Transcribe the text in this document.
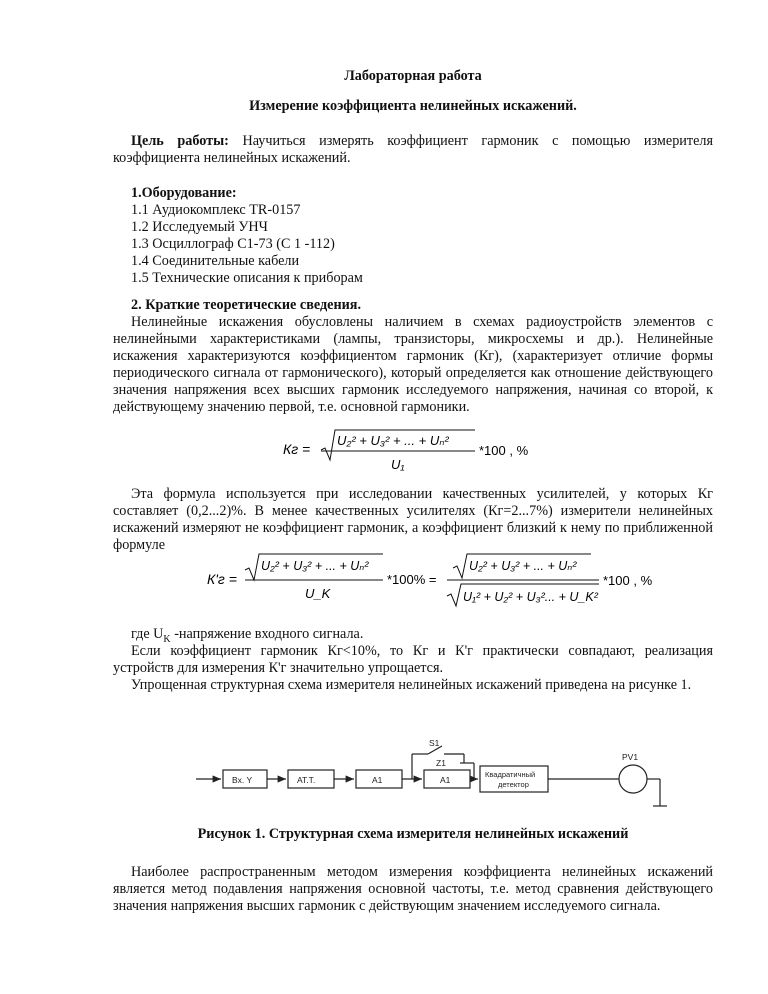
Лабораторная работа

Измерение коэффициента нелинейных искажений.

Цель работы: Научиться измерять коэффициент гармоник с помощью измерителя коэффициента нелинейных искажений.

1.Оборудование:
1.1 Аудиокомплекс TR-0157
1.2 Исследуемый УНЧ
1.3 Осциллограф С1-73 (С 1 -112)
1.4 Соединительные кабели
1.5 Технические описания к приборам
2. Краткие теоретические сведения.

Нелинейные искажения обусловлены наличием в схемах радиоустройств элементов с нелинейными характеристиками (лампы, транзисторы, микросхемы и др.). Нелинейные искажения характеризуются коэффициентом гармоник (Кг), (характеризует отличие формы периодического сигнала от гармонического), который определяется как отношение действующего значения напряжения всех высших гармоник исследуемого напряжения, начиная со второй, к действующему значению первой, т.е. основной гармоники.

Кг =
U₂² + U₃² + ... + Uₙ²
U₁
*100 , %

Эта формула используется при исследовании качественных усилителей, у которых Кг составляет (0,2...2)%. В менее качественных усилителях (Кг=2...7%) измерители нелинейных искажений измеряют не коэффициент гармоник, а коэффициент близкий к нему по приближенной формуле

К'г =
U₂² + U₃² + ... + Uₙ²
U_K
*100% =
U₂² + U₃² + ... + Uₙ²
U₁² + U₂² + U₃²... + U_K²
*100 , %

где $U_K$ -напряжение входного сигнала.

Если коэффициент гармоник Кг<10%, то Кг и К'г практически совпадают, реализация устройств для измерения К'г значительно упрощается.

Упрощенная структурная схема измерителя нелинейных искажений приведена на рисунке 1.

Рисунок 1. Структурная схема измерителя нелинейных искажений

Наиболее распространенным методом измерения коэффициента нелинейных искажений является метод подавления напряжения основной частоты, т.е. метод сравнения действующего значения напряжения высших гармоник с действующим значением исследуемого сигнала.

Вх. Y	АТ.Т.	А1	А1
Квадратичный
детектор
S1
Z1
PV1
